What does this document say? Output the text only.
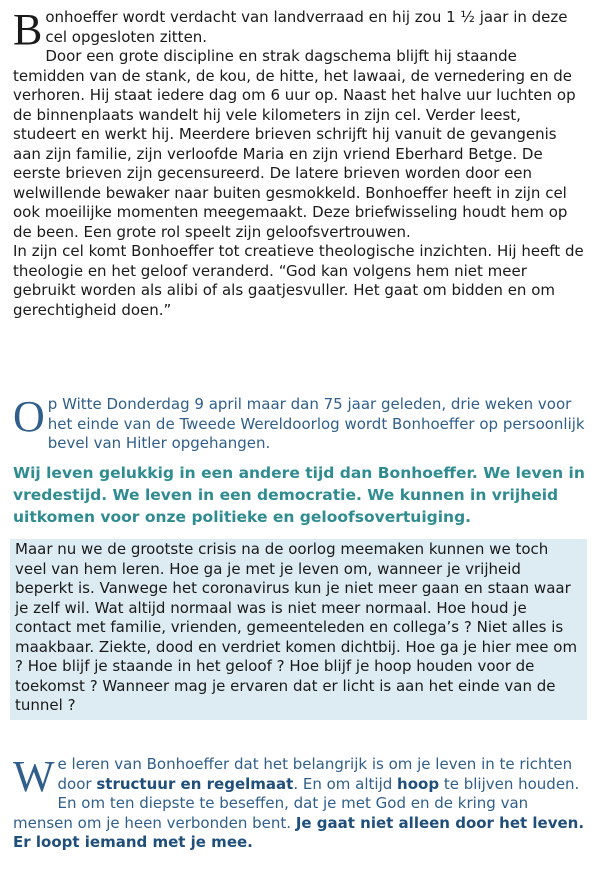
Bonhoeffer wordt verdacht van landverraad en hij zou 1 ½ jaar in deze cel opgesloten zitten.
Door een grote discipline en strak dagschema blijft hij staande temidden van de stank, de kou, de hitte, het lawaai, de vernedering en de verhoren. Hij staat iedere dag om 6 uur op. Naast het halve uur luchten op de binnenplaats wandelt hij vele kilometers in zijn cel. Verder leest, studeert en werkt hij. Meerdere brieven schrijft hij vanuit de gevangenis aan zijn familie, zijn verloofde Maria en zijn vriend Eberhard Betge. De eerste brieven zijn gecensureerd. De latere brieven worden door een welwillende bewaker naar buiten gesmokkeld. Bonhoeffer heeft in zijn cel ook moeilijke momenten meegemaakt. Deze briefwisseling houdt hem op de been. Een grote rol speelt zijn geloofsvertrouwen.
In zijn cel komt Bonhoeffer tot creatieve theologische inzichten. Hij heeft de theologie en het geloof veranderd. “God kan volgens hem niet meer gebruikt worden als alibi of als gaatjesvuller. Het gaat om bidden en om gerechtigheid doen.”

Op Witte Donderdag 9 april maar dan 75 jaar geleden, drie weken voor het einde van de Tweede Wereldoorlog wordt Bonhoeffer op persoonlijk bevel van Hitler opgehangen.

Wij leven gelukkig in een andere tijd dan Bonhoeffer. We leven in vredestijd. We leven in een democratie. We kunnen in vrijheid uitkomen voor onze politieke en geloofsovertuiging.

Maar nu we de grootste crisis na de oorlog meemaken kunnen we toch veel van hem leren. Hoe ga je met je leven om, wanneer je vrijheid beperkt is. Vanwege het coronavirus kun je niet meer gaan en staan waar je zelf wil. Wat altijd normaal was is niet meer normaal. Hoe houd je contact met familie, vrienden, gemeenteleden en collega’s ? Niet alles is maakbaar. Ziekte, dood en verdriet komen dichtbij. Hoe ga je hier mee om ? Hoe blijf je staande in het geloof ? Hoe blijf je hoop houden voor de toekomst ? Wanneer mag je ervaren dat er licht is aan het einde van de tunnel ?

We leren van Bonhoeffer dat het belangrijk is om je leven in te richten door structuur en regelmaat. En om altijd hoop te blijven houden. En om ten diepste te beseffen, dat je met God en de kring van mensen om je heen verbonden bent. Je gaat niet alleen door het leven. Er loopt iemand met je mee.
